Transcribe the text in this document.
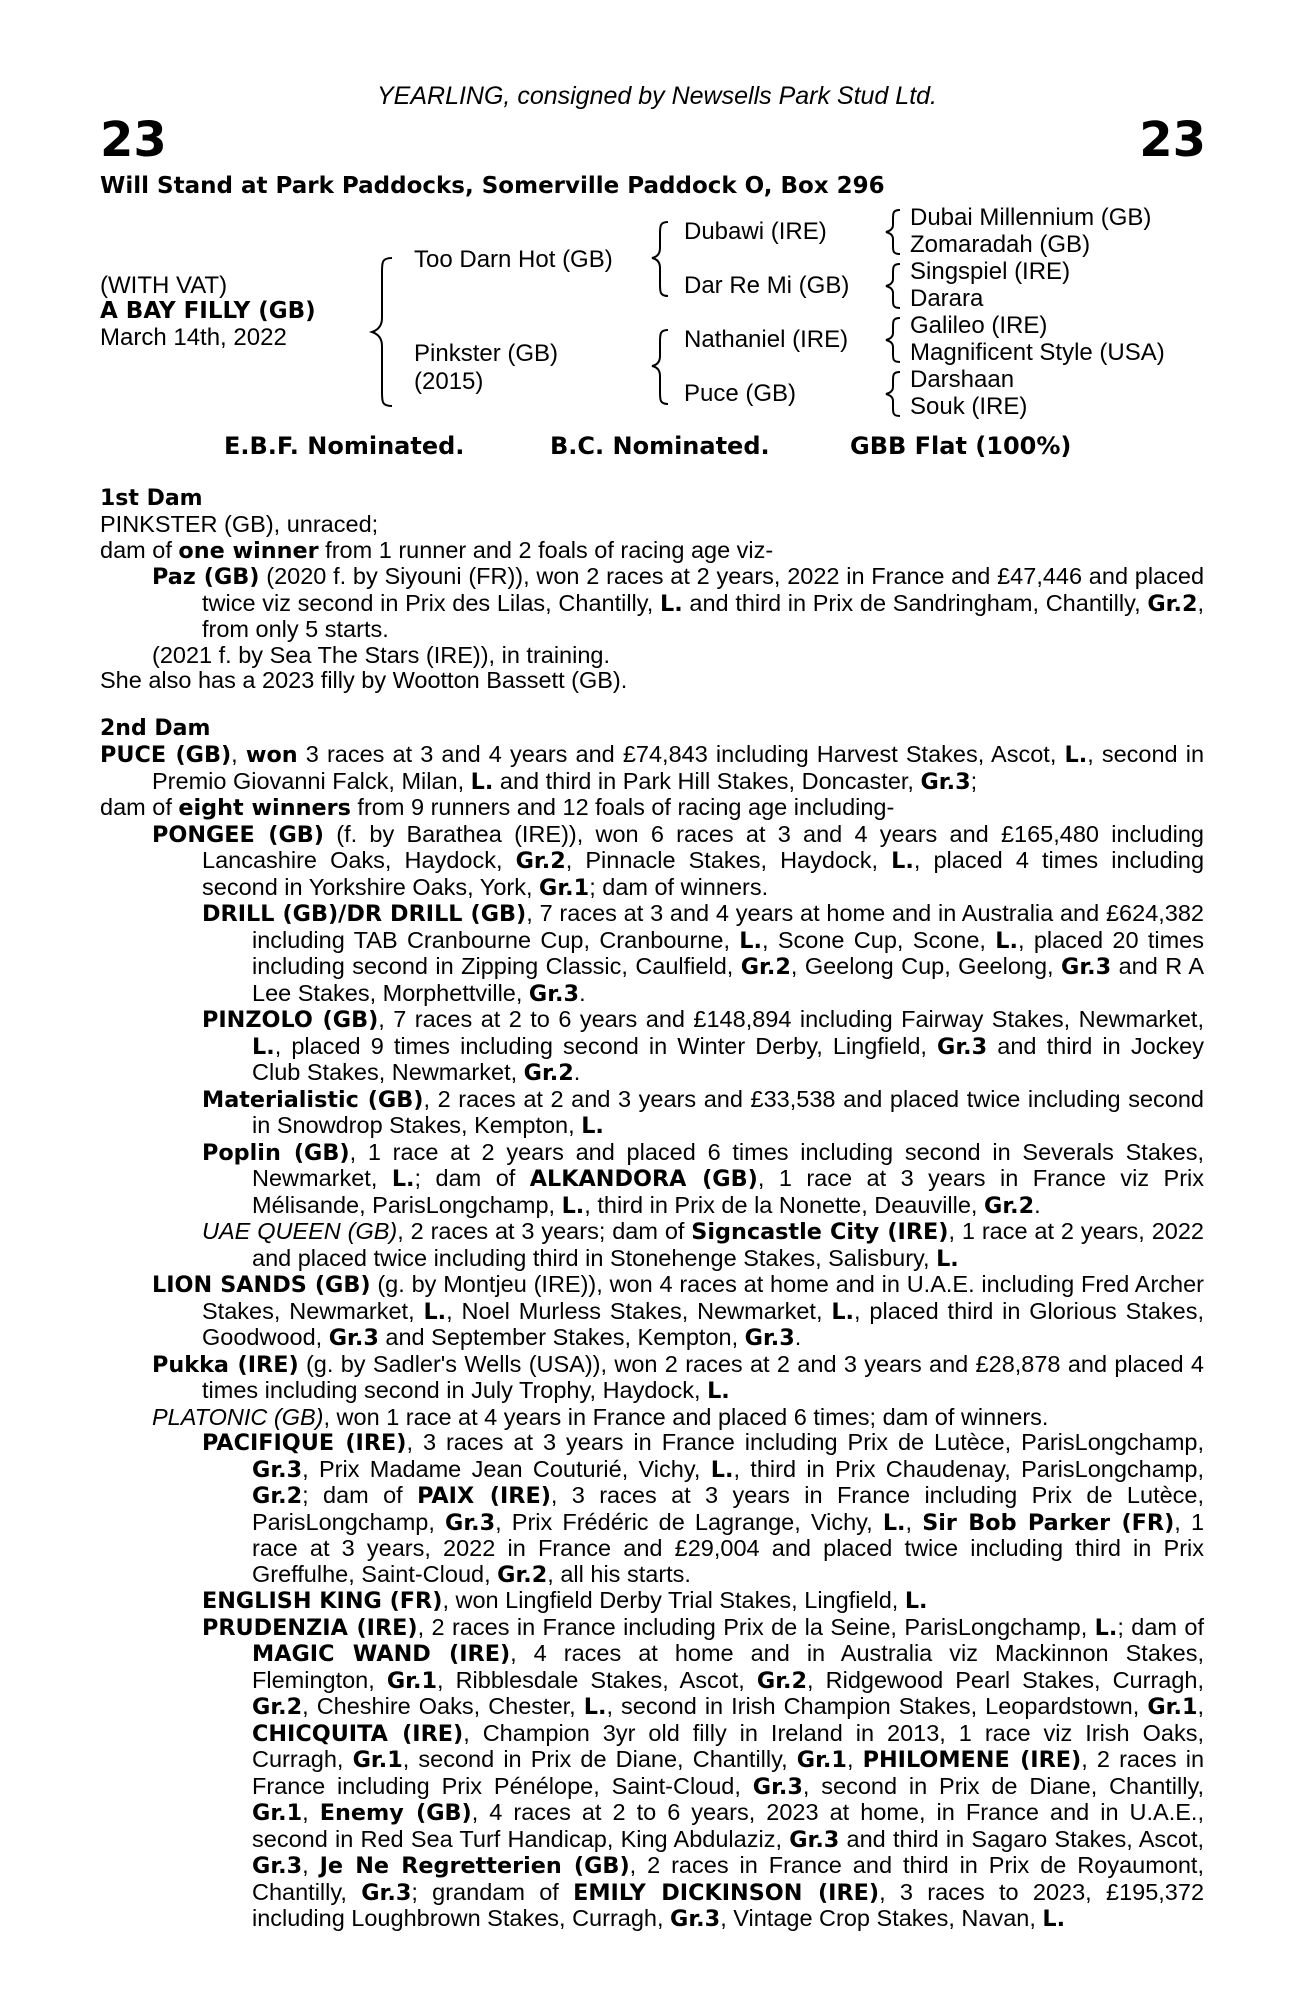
YEARLING, consigned by Newsells Park Stud Ltd.
23	23
Will Stand at Park Paddocks, Somerville Paddock O, Box 296
(WITH VAT)
A BAY FILLY (GB)
March 14th, 2022
Too Darn Hot (GB)
Pinkster (GB)
(2015)
Dubawi (IRE)
Dar Re Mi (GB)
Nathaniel (IRE)
Puce (GB)
Dubai Millennium (GB)
Zomaradah (GB)
Singspiel (IRE)
Darara
Galileo (IRE)
Magnificent Style (USA)
Darshaan
Souk (IRE)
E.B.F. Nominated.	B.C. Nominated.	GBB Flat (100%)
1st Dam

PINKSTER (GB), unraced;

dam of one winner from 1 runner and 2 foals of racing age viz-

Paz (GB) (2020 f. by Siyouni (FR)), won 2 races at 2 years, 2022 in France and £47,446 and placed twice viz second in Prix des Lilas, Chantilly, L. and third in Prix de Sandringham, Chantilly, Gr.2, from only 5 starts.

(2021 f. by Sea The Stars (IRE)), in training.

She also has a 2023 filly by Wootton Bassett (GB).

2nd Dam

PUCE (GB), won 3 races at 3 and 4 years and £74,843 including Harvest Stakes, Ascot, L., second in Premio Giovanni Falck, Milan, L. and third in Park Hill Stakes, Doncaster, Gr.3;

dam of eight winners from 9 runners and 12 foals of racing age including-

PONGEE (GB) (f. by Barathea (IRE)), won 6 races at 3 and 4 years and £165,480 including Lancashire Oaks, Haydock, Gr.2, Pinnacle Stakes, Haydock, L., placed 4 times including second in Yorkshire Oaks, York, Gr.1; dam of winners.

DRILL (GB)/DR DRILL (GB), 7 races at 3 and 4 years at home and in Australia and £624,382 including TAB Cranbourne Cup, Cranbourne, L., Scone Cup, Scone, L., placed 20 times including second in Zipping Classic, Caulfield, Gr.2, Geelong Cup, Geelong, Gr.3 and R A Lee Stakes, Morphettville, Gr.3.

PINZOLO (GB), 7 races at 2 to 6 years and £148,894 including Fairway Stakes, Newmarket, L., placed 9 times including second in Winter Derby, Lingfield, Gr.3 and third in Jockey Club Stakes, Newmarket, Gr.2.

Materialistic (GB), 2 races at 2 and 3 years and £33,538 and placed twice including second in Snowdrop Stakes, Kempton, L.

Poplin (GB), 1 race at 2 years and placed 6 times including second in Severals Stakes, Newmarket, L.; dam of ALKANDORA (GB), 1 race at 3 years in France viz Prix Mélisande, ParisLongchamp, L., third in Prix de la Nonette, Deauville, Gr.2.

UAE QUEEN (GB), 2 races at 3 years; dam of Signcastle City (IRE), 1 race at 2 years, 2022 and placed twice including third in Stonehenge Stakes, Salisbury, L.

LION SANDS (GB) (g. by Montjeu (IRE)), won 4 races at home and in U.A.E. including Fred Archer Stakes, Newmarket, L., Noel Murless Stakes, Newmarket, L., placed third in Glorious Stakes, Goodwood, Gr.3 and September Stakes, Kempton, Gr.3.

Pukka (IRE) (g. by Sadler's Wells (USA)), won 2 races at 2 and 3 years and £28,878 and placed 4 times including second in July Trophy, Haydock, L.

PLATONIC (GB), won 1 race at 4 years in France and placed 6 times; dam of winners.

PACIFIQUE (IRE), 3 races at 3 years in France including Prix de Lutèce, ParisLongchamp, Gr.3, Prix Madame Jean Couturié, Vichy, L., third in Prix Chaudenay, ParisLongchamp, Gr.2; dam of PAIX (IRE), 3 races at 3 years in France including Prix de Lutèce, ParisLongchamp, Gr.3, Prix Frédéric de Lagrange, Vichy, L., Sir Bob Parker (FR), 1 race at 3 years, 2022 in France and £29,004 and placed twice including third in Prix Greffulhe, Saint-Cloud, Gr.2, all his starts.

ENGLISH KING (FR), won Lingfield Derby Trial Stakes, Lingfield, L.

PRUDENZIA (IRE), 2 races in France including Prix de la Seine, ParisLongchamp, L.; dam of MAGIC WAND (IRE), 4 races at home and in Australia viz Mackinnon Stakes, Flemington, Gr.1, Ribblesdale Stakes, Ascot, Gr.2, Ridgewood Pearl Stakes, Curragh, Gr.2, Cheshire Oaks, Chester, L., second in Irish Champion Stakes, Leopardstown, Gr.1, CHICQUITA (IRE), Champion 3yr old filly in Ireland in 2013, 1 race viz Irish Oaks, Curragh, Gr.1, second in Prix de Diane, Chantilly, Gr.1, PHILOMENE (IRE), 2 races in France including Prix Pénélope, Saint-Cloud, Gr.3, second in Prix de Diane, Chantilly, Gr.1, Enemy (GB), 4 races at 2 to 6 years, 2023 at home, in France and in U.A.E., second in Red Sea Turf Handicap, King Abdulaziz, Gr.3 and third in Sagaro Stakes, Ascot, Gr.3, Je Ne Regretterien (GB), 2 races in France and third in Prix de Royaumont, Chantilly, Gr.3; grandam of EMILY DICKINSON (IRE), 3 races to 2023, £195,372 including Loughbrown Stakes, Curragh, Gr.3, Vintage Crop Stakes, Navan, L.
